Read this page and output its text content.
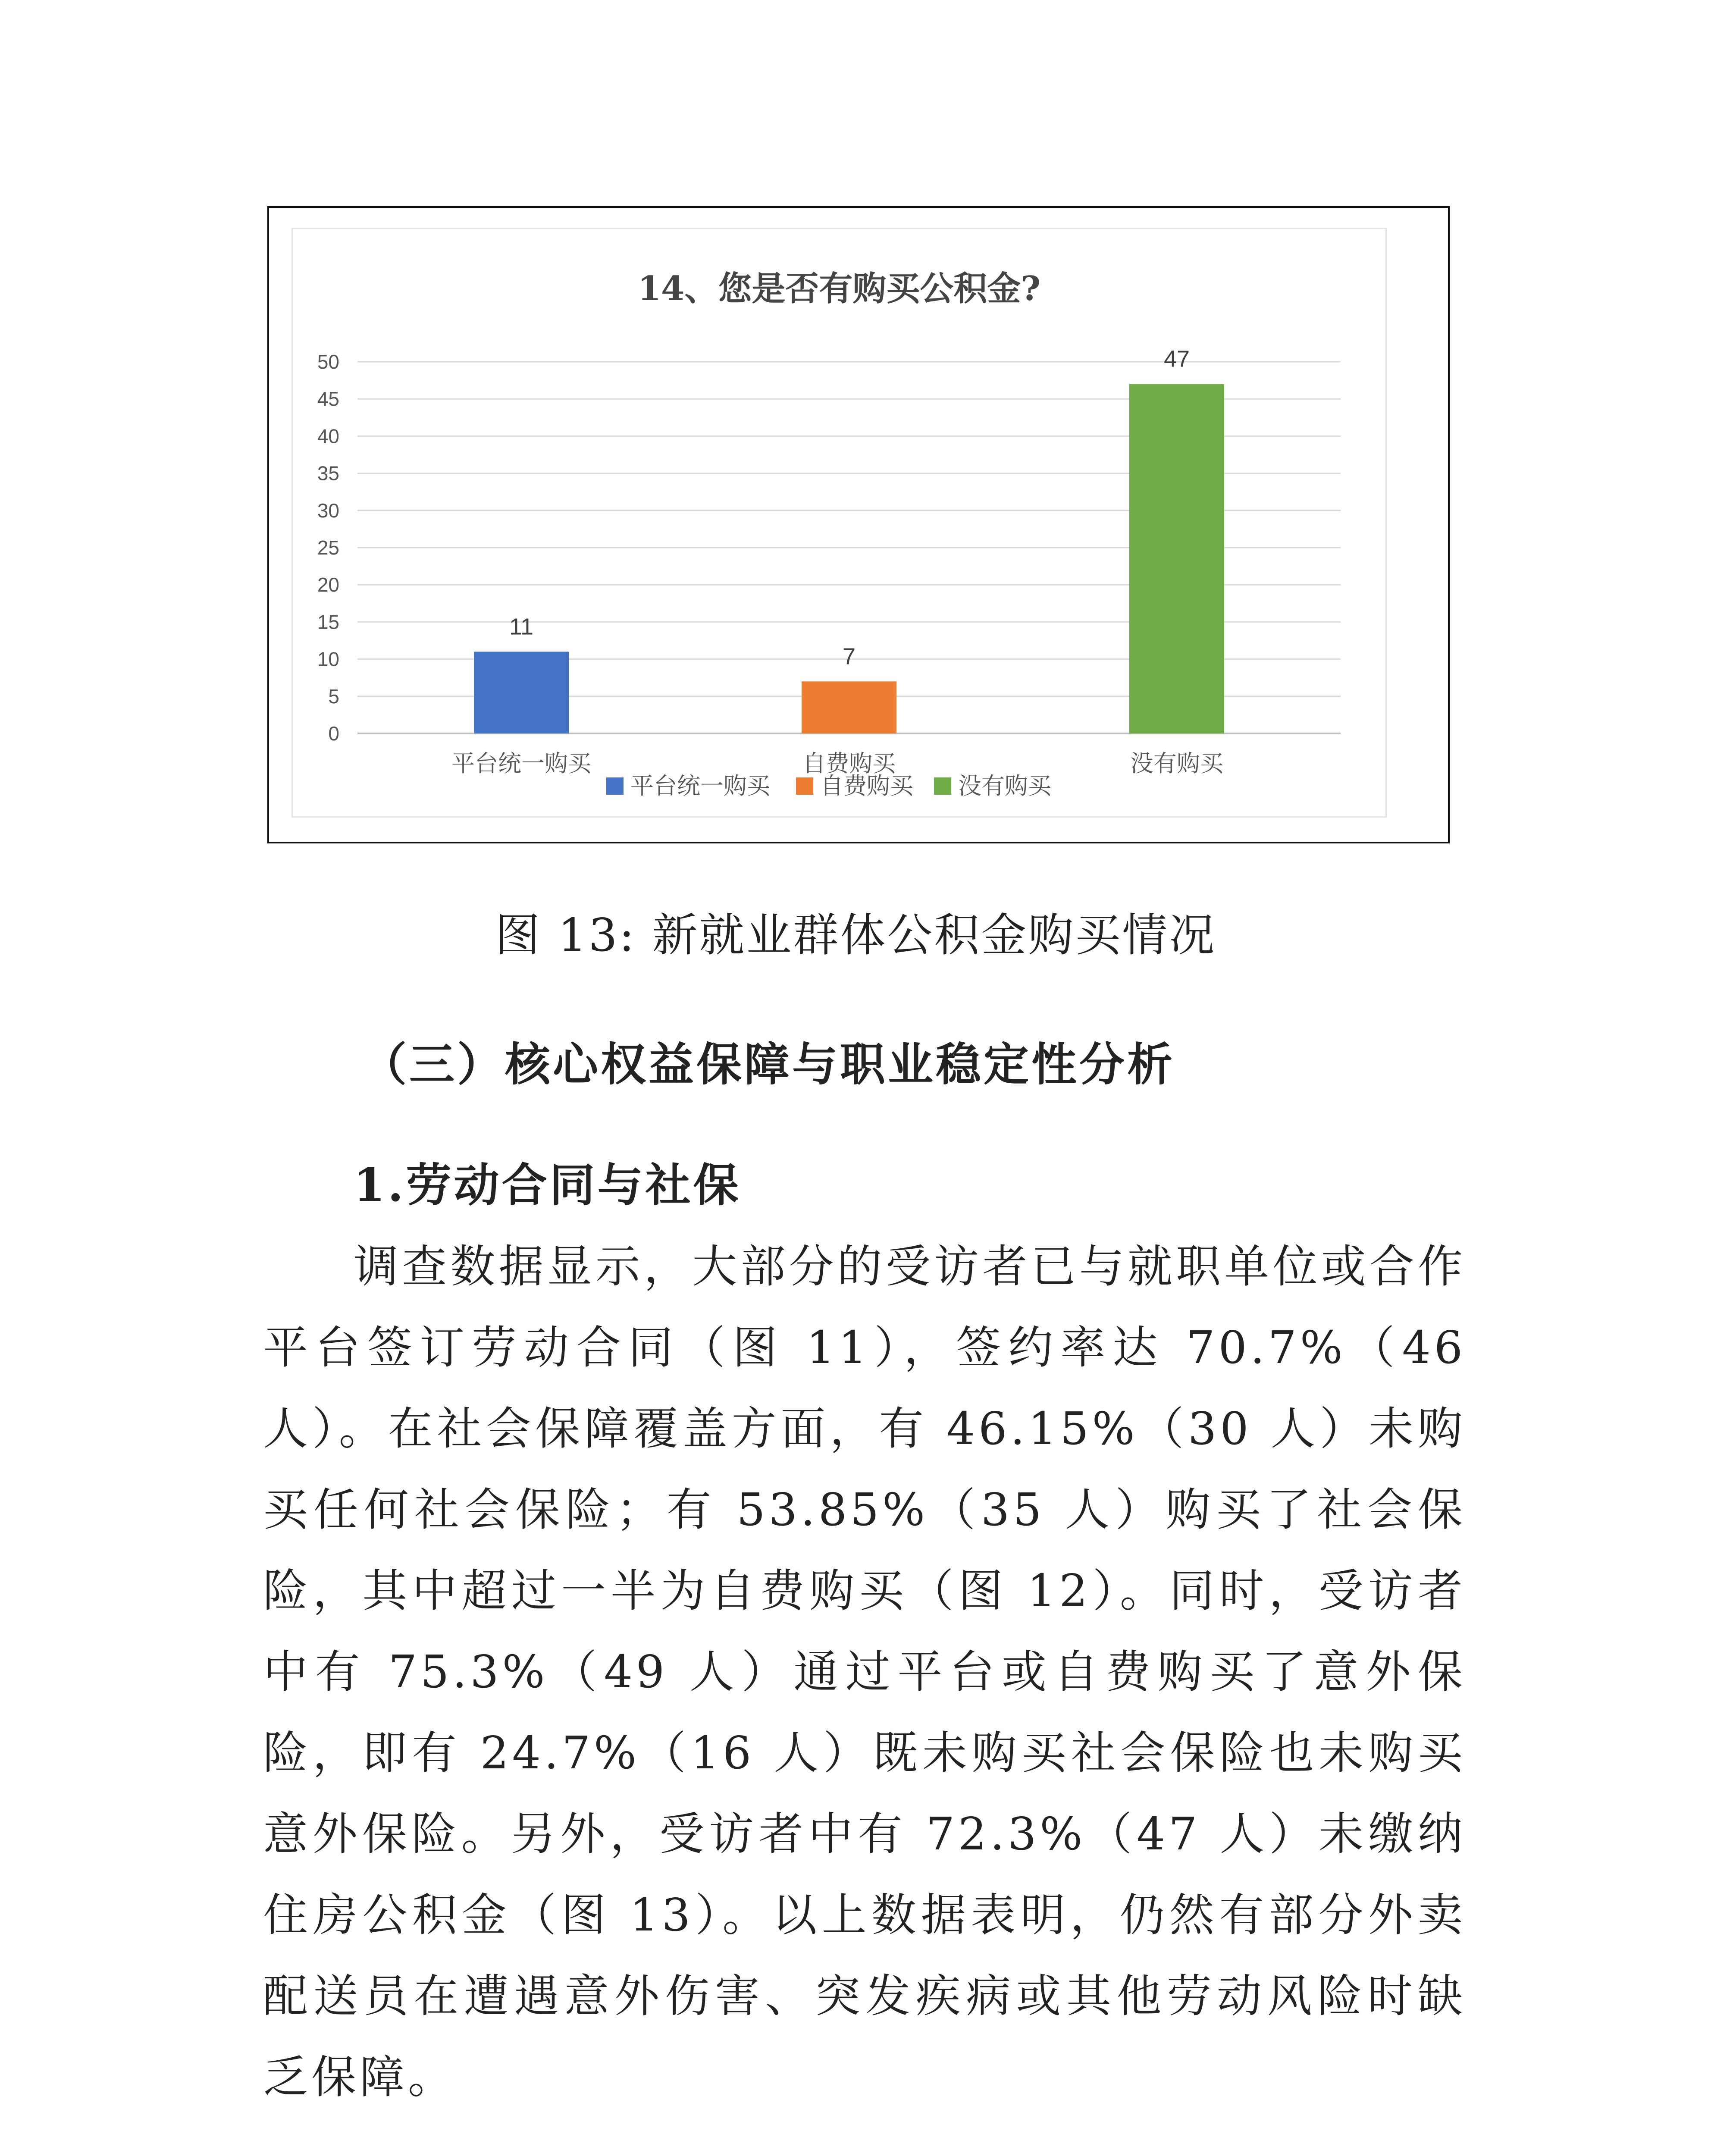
14、您是否有购买公积金?
0
5
10
15
20
25
30
35
40
45
50
11
平台统一购买
7
自费购买
47
没有购买
平台统一购买 自费购买 没有购买
图 13: 新就业群体公积金购买情况
（三）核心权益保障与职业稳定性分析
1.劳动合同与社保
调查数据显示，大部分的受访者已与就职单位或合作平台签订劳动合同（图 11），签约率达 70.7%（46 人）。在社会保障覆盖方面，有 46.15%（30 人）未购买任何社会保险；有 53.85%（35 人）购买了社会保险，其中超过一半为自费购买（图 12）。同时，受访者中有 75.3%（49 人）通过平台或自费购买了意外保险，即有 24.7%（16 人）既未购买社会保险也未购买意外保险。另外，受访者中有 72.3%（47 人）未缴纳住房公积金（图 13）。以上数据表明，仍然有部分外卖配送员在遭遇意外伤害、突发疾病或其他劳动风险时缺乏保障。
